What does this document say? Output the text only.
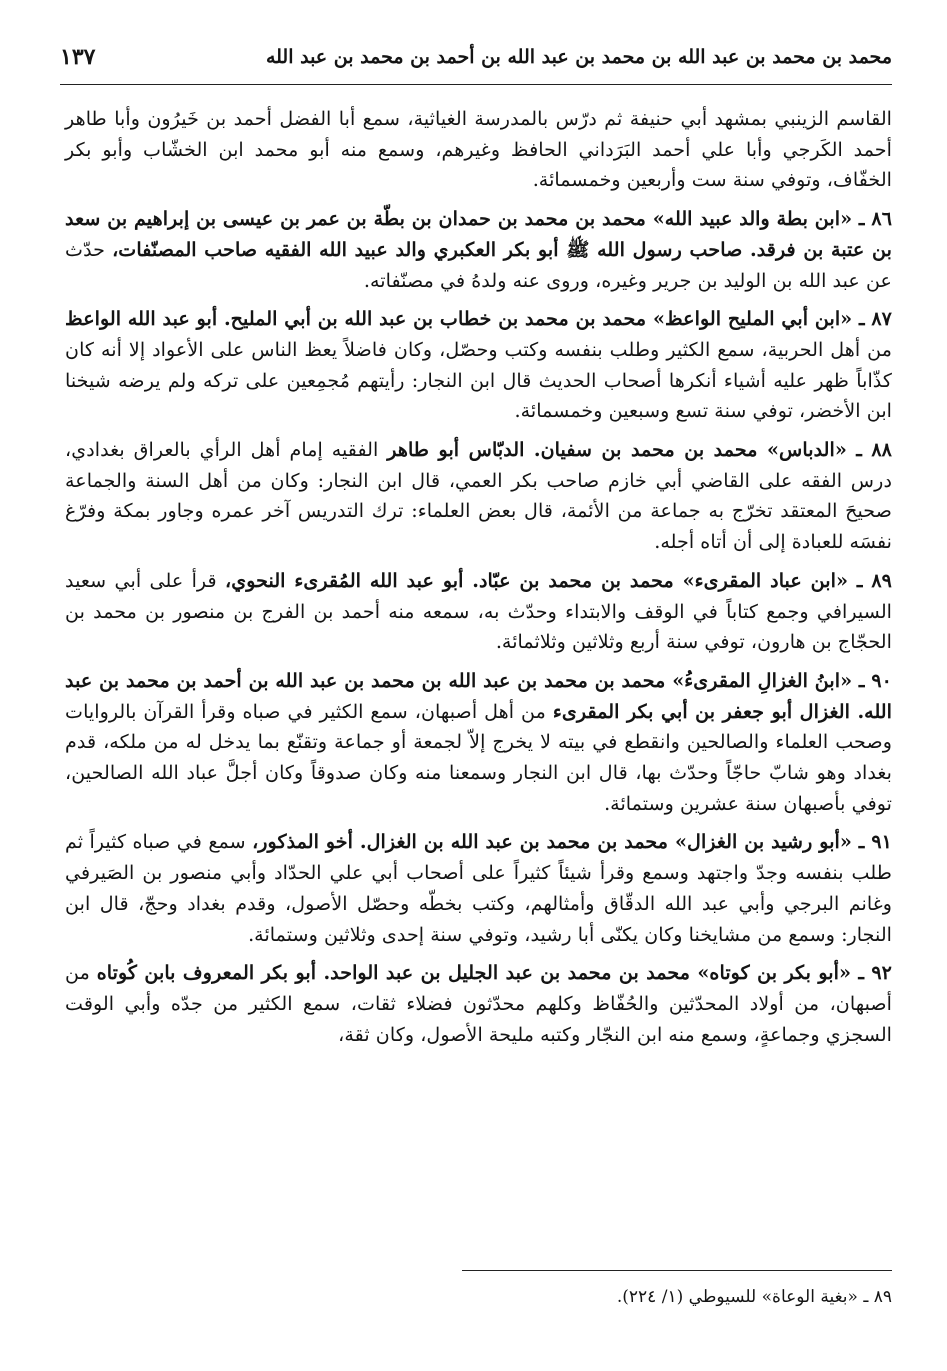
محمد بن محمد بن عبد الله بن محمد بن عبد الله بن أحمد بن محمد بن عبد الله
١٣٧

القاسم الزينبي بمشهد أبي حنيفة ثم درّس بالمدرسة الغياثية، سمع أبا الفضل أحمد بن خَيرُون وأبا طاهر أحمد الكَرجي وأبا علي أحمد البَرَداني الحافظ وغيرهم، وسمع منه أبو محمد ابن الخشّاب وأبو بكر الخفّاف، وتوفي سنة ست وأربعين وخمسمائة.

٨٦ ـ «ابن بطة والد عبيد الله» محمد بن محمد بن حمدان بن بطّة بن عمر بن عيسى بن إبراهيم بن سعد بن عتبة بن فرقد. صاحب رسول الله ﷺ أبو بكر العكبري والد عبيد الله الفقيه صاحب المصنّفات، حدّث عن عبد الله بن الوليد بن جرير وغيره، وروى عنه ولدهُ في مصنّفاته.

٨٧ ـ «ابن أبي المليح الواعظ» محمد بن محمد بن خطاب بن عبد الله بن أبي المليح. أبو عبد الله الواعظ من أهل الحربية، سمع الكثير وطلب بنفسه وكتب وحصّل، وكان فاضلاً يعظ الناس على الأعواد إلا أنه كان كذّاباً ظهر عليه أشياء أنكرها أصحاب الحديث قال ابن النجار: رأيتهم مُجمِعين على تركه ولم يرضه شيخنا ابن الأخضر، توفي سنة تسع وسبعين وخمسمائة.

٨٨ ـ «الدباس» محمد بن محمد بن سفيان. الدبّاس أبو طاهر الفقيه إمام أهل الرأي بالعراق بغدادي، درس الفقه على القاضي أبي خازم صاحب بكر العمي، قال ابن النجار: وكان من أهل السنة والجماعة صحيحَ المعتقد تخرّج به جماعة من الأئمة، قال بعض العلماء: ترك التدريس آخر عمره وجاور بمكة وفرّغ نفسَه للعبادة إلى أن أتاه أجله.

٨٩ ـ «ابن عباد المقرىء» محمد بن محمد بن عبّاد. أبو عبد الله المُقرىء النحوي، قرأ على أبي سعيد السيرافي وجمع كتاباً في الوقف والابتداء وحدّث به، سمعه منه أحمد بن الفرج بن منصور بن محمد بن الحجّاج بن هارون، توفي سنة أربع وثلاثين وثلاثمائة.

٩٠ ـ «ابنُ الغزالِ المقرىءُ» محمد بن محمد بن عبد الله بن محمد بن عبد الله بن أحمد بن محمد بن عبد الله. الغزال أبو جعفر بن أبي بكر المقرىء من أهل أصبهان، سمع الكثير في صباه وقرأ القرآن بالروايات وصحب العلماء والصالحين وانقطع في بيته لا يخرج إلاّ لجمعة أو جماعة وتقنّع بما يدخل له من ملكه، قدم بغداد وهو شابّ حاجّاً وحدّث بها، قال ابن النجار وسمعنا منه وكان صدوقاً وكان أجلَّ عباد الله الصالحين، توفي بأصبهان سنة عشرين وستمائة.

٩١ ـ «أبو رشيد بن الغزال» محمد بن محمد بن عبد الله بن الغزال. أخو المذكور، سمع في صباه كثيراً ثم طلب بنفسه وجدّ واجتهد وسمع وقرأ شيئاً كثيراً على أصحاب أبي علي الحدّاد وأبي منصور بن الصَيرفي وغانم البرجي وأبي عبد الله الدقّاق وأمثالهم، وكتب بخطّه وحصّل الأصول، وقدم بغداد وحجّ، قال ابن النجار: وسمع من مشايخنا وكان يكنّى أبا رشيد، وتوفي سنة إحدى وثلاثين وستمائة.

٩٢ ـ «أبو بكر بن كوتاه» محمد بن محمد بن عبد الجليل بن عبد الواحد. أبو بكر المعروف بابن كُوتاه من أصبهان، من أولاد المحدّثين والحُفّاظ وكلهم محدّثون فضلاء ثقات، سمع الكثير من جدّه وأبي الوقت السجزي وجماعةٍ، وسمع منه ابن النجّار وكتبه مليحة الأصول، وكان ثقة،

٨٩ ـ «بغية الوعاة» للسيوطي (١/ ٢٢٤).
